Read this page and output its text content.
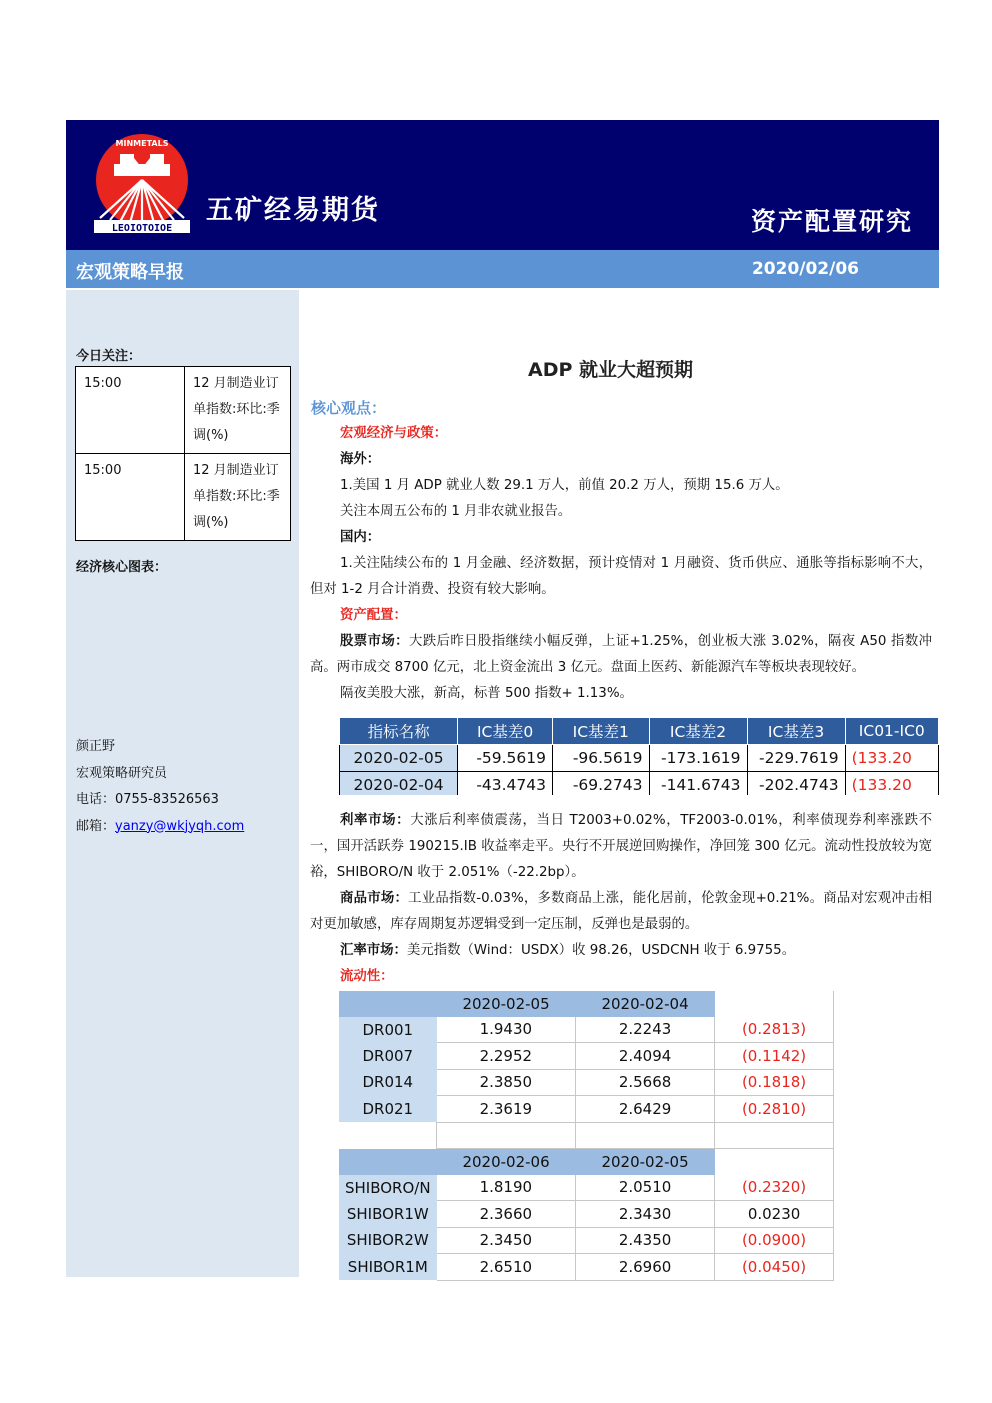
MINMETALS
LEOIOTOIOE
五矿经易期货	资产配置研究
宏观策略早报	2020/02/06
今日关注：
15:00	12 月制造业订单指数:环比:季调(%)
15:00	12 月制造业订单指数:环比:季调(%)
经济核心图表：
颜正野
宏观策略研究员
电话：0755-83526563
邮箱：yanzy@wkjyqh.com
ADP 就业大超预期
核心观点：
宏观经济与政策：
海外：
1.美国 1 月 ADP 就业人数 29.1 万人，前值 20.2 万人，预期 15.6 万人。
关注本周五公布的 1 月非农就业报告。
国内：
1.关注陆续公布的 1 月金融、经济数据，预计疫情对 1 月融资、货币供应、通胀等指标影响不大，但对 1-2 月合计消费、投资有较大影响。
资产配置：
股票市场：大跌后昨日股指继续小幅反弹，上证+1.25%，创业板大涨 3.02%，隔夜 A50 指数冲高。两市成交 8700 亿元，北上资金流出 3 亿元。盘面上医药、新能源汽车等板块表现较好。
隔夜美股大涨，新高，标普 500 指数+ 1.13%。
指标名称	IC基差0	IC基差1	IC基差2	IC基差3	IC01-IC0
2020-02-05	-59.5619	-96.5619	-173.1619	-229.7619	(133.20
2020-02-04	-43.4743	-69.2743	-141.6743	-202.4743	(133.20
利率市场：大涨后利率债震荡，当日 T2003+0.02%，TF2003-0.01%，利率债现券利率涨跌不一，国开活跃券 190215.IB 收益率走平。央行不开展逆回购操作，净回笼 300 亿元。流动性投放较为宽裕，SHIBORO/N 收于 2.051%（-22.2bp）。
商品市场：工业品指数-0.03%，多数商品上涨，能化居前，伦敦金现+0.21%。商品对宏观冲击相对更加敏感，库存周期复苏逻辑受到一定压制，反弹也是最弱的。
汇率市场：美元指数（Wind：USDX）收 98.26，USDCNH 收于 6.9755。
流动性：
	2020-02-05	2020-02-04	
DR001	1.9430	2.2243	(0.2813)
DR007	2.2952	2.4094	(0.1142)
DR014	2.3850	2.5668	(0.1818)
DR021	2.3619	2.6429	(0.2810)

	2020-02-06	2020-02-05	
SHIBORO/N	1.8190	2.0510	(0.2320)
SHIBOR1W	2.3660	2.3430	0.0230
SHIBOR2W	2.3450	2.4350	(0.0900)
SHIBOR1M	2.6510	2.6960	(0.0450)
